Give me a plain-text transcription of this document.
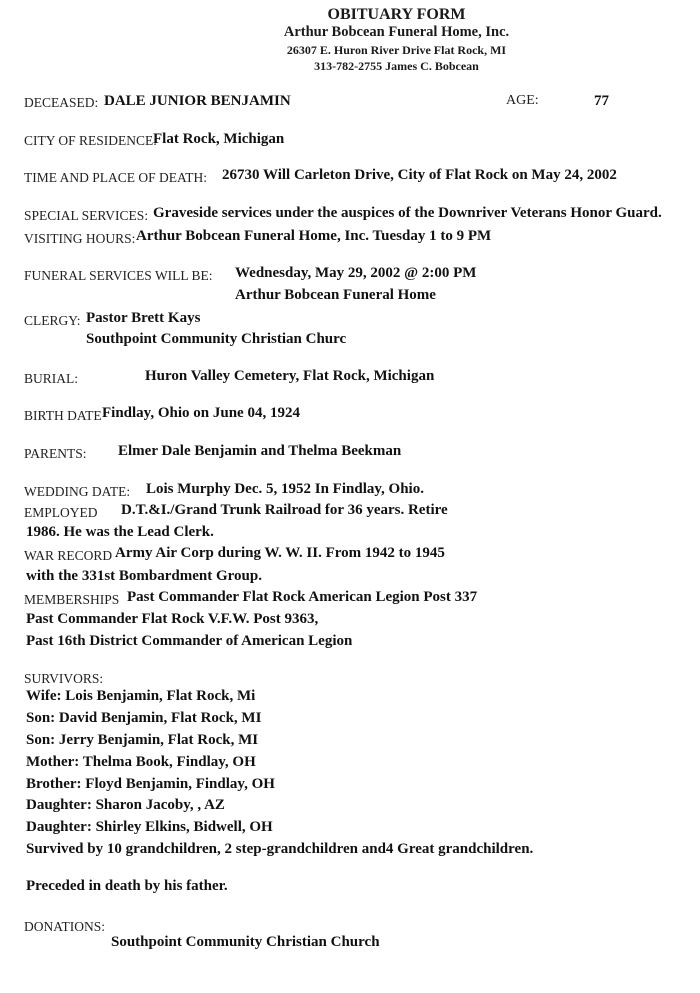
OBITUARY FORM
Arthur Bobcean Funeral Home, Inc.
26307 E. Huron River Drive Flat Rock, MI
313-782-2755 James C. Bobcean
DECEASED: DALE JUNIOR BENJAMIN	AGE:	77
CITY OF RESIDENCE:
Flat Rock, Michigan
TIME AND PLACE OF DEATH: 26730 Will Carleton Drive, City of Flat Rock on May 24, 2002
SPECIAL SERVICES: Graveside services under the auspices of the Downriver Veterans Honor Guard.
VISITING HOURS: Arthur Bobcean Funeral Home, Inc. Tuesday 1 to 9 PM
FUNERAL SERVICES WILL BE: Wednesday, May 29, 2002 @ 2:00 PM
Arthur Bobcean Funeral Home
CLERGY: Pastor Brett Kays
Southpoint Community Christian Churc
BURIAL:	Huron Valley Cemetery, Flat Rock, Michigan
BIRTH DATE Findlay, Ohio on June 04, 1924
PARENTS: Elmer Dale Benjamin and Thelma Beekman
WEDDING DATE: Lois Murphy Dec. 5, 1952 In Findlay, Ohio.
EMPLOYED D.T.&I./Grand Trunk Railroad for 36 years. Retire
1986. He was the Lead Clerk.
WAR RECORD Army Air Corp during W. W. II. From 1942 to 1945
with the 331st Bombardment Group.
MEMBERSHIPS Past Commander Flat Rock American Legion Post 337
Past Commander Flat Rock V.F.W. Post 9363,
Past 16th District Commander of American Legion
SURVIVORS:
Wife: Lois Benjamin, Flat Rock, Mi
Son: David Benjamin, Flat Rock, MI
Son: Jerry Benjamin, Flat Rock, MI
Mother: Thelma Book, Findlay, OH
Brother: Floyd Benjamin, Findlay, OH
Daughter: Sharon Jacoby, , AZ
Daughter: Shirley Elkins, Bidwell, OH
Survived by 10 grandchildren, 2 step-grandchildren and4 Great grandchildren.
Preceded in death by his father.
DONATIONS:
Southpoint Community Christian Church
